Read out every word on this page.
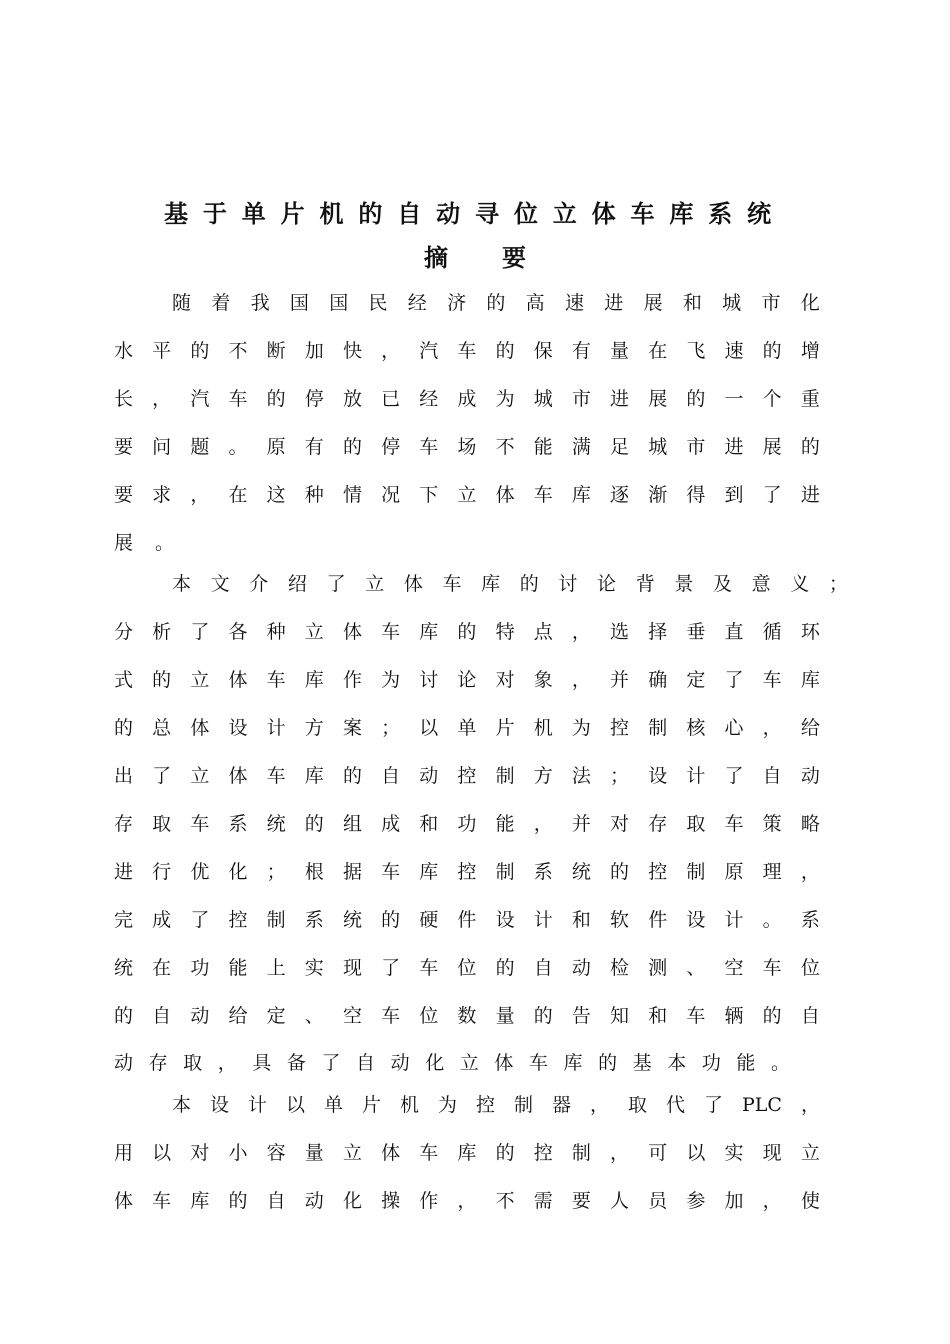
基于单片机的自动寻位立体车库系统
摘 要
随 着 我 国 国 民 经 济 的 高 速 进 展 和 城 市 化
水 平 的 不 断 加 快 ， 汽 车 的 保 有 量 在 飞 速 的 增
长 ， 汽 车 的 停 放 已 经 成 为 城 市 进 展 的 一 个 重
要 问 题 。 原 有 的 停 车 场 不 能 满 足 城 市 进 展 的
要 求 ， 在 这 种 情 况 下 立 体 车 库 逐 渐 得 到 了 进
展 。
本 文 介 绍 了 立 体 车 库 的 讨 论 背 景 及 意 义 ；
分 析 了 各 种 立 体 车 库 的 特 点 ， 选 择 垂 直 循 环
式 的 立 体 车 库 作 为 讨 论 对 象 ， 并 确 定 了 车 库
的 总 体 设 计 方 案 ； 以 单 片 机 为 控 制 核 心 ， 给
出 了 立 体 车 库 的 自 动 控 制 方 法 ； 设 计 了 自 动
存 取 车 系 统 的 组 成 和 功 能 ， 并 对 存 取 车 策 略
进 行 优 化 ； 根 据 车 库 控 制 系 统 的 控 制 原 理 ，
完 成 了 控 制 系 统 的 硬 件 设 计 和 软 件 设 计 。 系
统 在 功 能 上 实 现 了 车 位 的 自 动 检 测 、 空 车 位
的 自 动 给 定 、 空 车 位 数 量 的 告 知 和 车 辆 的 自
动 存 取 ， 具 备 了 自 动 化 立 体 车 库 的 基 本 功 能 。
本 设 计 以 单 片 机 为 控 制 器 ， 取 代 了 PLC ，
用 以 对 小 容 量 立 体 车 库 的 控 制 ， 可 以 实 现 立
体 车 库 的 自 动 化 操 作 ， 不 需 要 人 员 参 加 ， 使
